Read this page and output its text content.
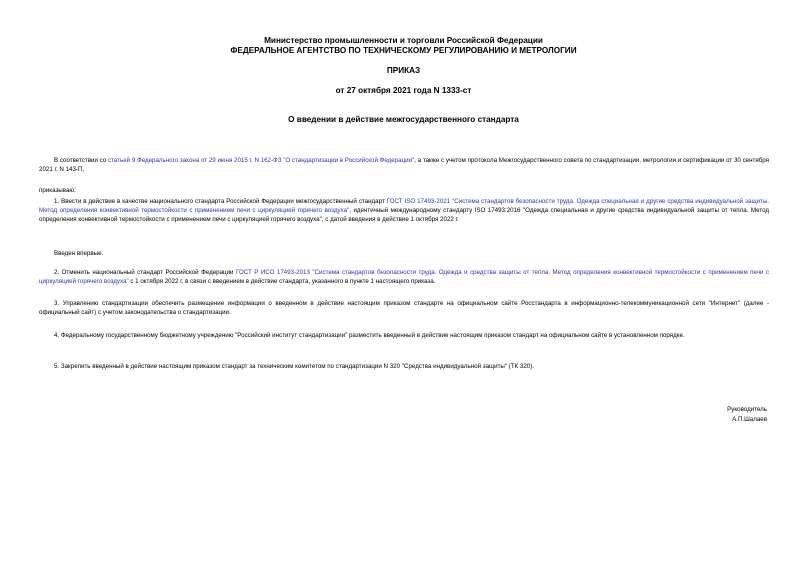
Министерство промышленности и торговли Российской Федерации
ФЕДЕРАЛЬНОЕ АГЕНТСТВО ПО ТЕХНИЧЕСКОМУ РЕГУЛИРОВАНИЮ И МЕТРОЛОГИИ
ПРИКАЗ
от 27 октября 2021 года N 1333-ст
О введении в действие межгосударственного стандарта
В соответствии со статьей 9 Федерального закона от 29 июня 2015 г. N 162-ФЗ "О стандартизации в Российской Федерации", а также с учетом протокола Межгосударственного совета по стандартизации, метрологии и сертификации от 30 сентября 2021 г. N 143-П,
приказываю:
1. Ввести в действие в качестве национального стандарта Российской Федерации межгосударственный стандарт ГОСТ ISO 17493-2021 "Система стандартов безопасности труда. Одежда специальная и другие средства индивидуальной защиты. Метод определения конвективной термостойкости с применением печи с циркуляцией горячего воздуха", идентичный международному стандарту ISO 17493:2016 "Одежда специальная и другие средства индивидуальной защиты от тепла. Метод определения конвективной термостойкости с применением печи с циркуляцией горячего воздуха", с датой введения в действие 1 октября 2022 г.
Введен впервые.
2. Отменить национальный стандарт Российской Федерации ГОСТ Р ИСО 17493-2013 "Система стандартов безопасности труда. Одежда и средства защиты от тепла. Метод определения конвективной термостойкости с применением печи с циркуляцией горячего воздуха" с 1 октября 2022 г. в связи с введением в действие стандарта, указанного в пункте 1 настоящего приказа.
3. Управлению стандартизации обеспечить размещение информации о введенном в действие настоящим приказом стандарте на официальном сайте Росстандарта в информационно-телекоммуникационной сети "Интернет" (далее - официальный сайт) с учетом законодательства о стандартизации.
4. Федеральному государственному бюджетному учреждению "Российский институт стандартизации" разместить введенный в действие настоящим приказом стандарт на официальном сайте в установленном порядке.
5. Закрепить введенный в действие настоящим приказом стандарт за техническим комитетом по стандартизации N 320 "Средства индивидуальной защиты" (ТК 320).
Руководитель
А.П.Шалаев
